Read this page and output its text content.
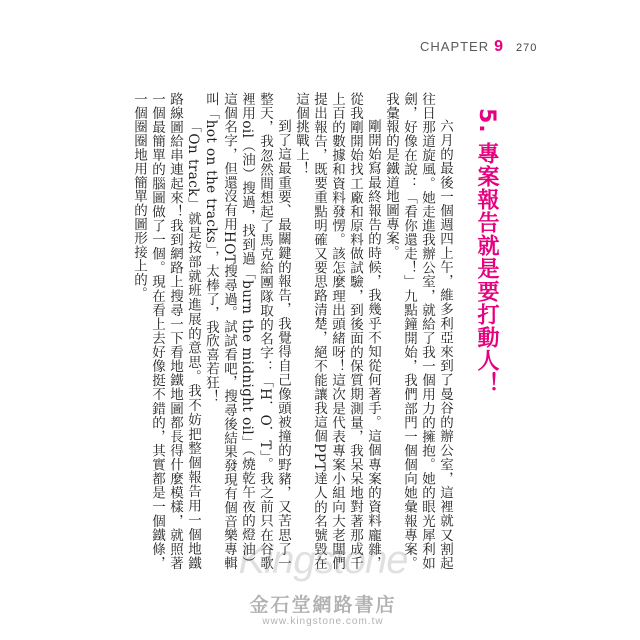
CHAPTER 9 270
5. 專案報告就是要打動人！

六月的最後一個週四上午，維多利亞來到了曼谷的辦公室，這裡就又割起往日那道旋風。她走進我辦公室，就給了我一個用力的擁抱。她的眼光犀利如劍，好像在說：「看你還走！」九點鐘開始，我們部門一個個向她彙報專案。我彙報的是鐵道地圖專案。

剛開始寫最終報告的時候，我幾乎不知從何著手。這個專案的資料龐雜，從我剛開始找工廠和原料做試驗，到後面的保質期測量，我呆呆地對著那成千上百的數據和資料發愣。該怎麼理出頭緒呀！這次是代表專案小組向大老闆們提出報告，既要重點明確又要思路清楚，絕不能讓我這個PPT達人的名號毀在這個挑戰上！

到了這最重要、最關鍵的報告，我覺得自己像頭被撞的野豬，又苦思了一整天，我忽然間想起了馬克給團隊取的名字：「H．O．T」。我之前只在谷歌裡用oil（油）搜過，找到過「burn the midnight oil」（燒乾午夜的燈油）這個名字，但還沒有用HOT搜尋過。試試看吧，搜尋後結果發現有個音樂專輯叫「hot on the tracks」，太棒了，我欣喜若狂！

「On track」就是按部就班進展的意思。我不妨把整個報告用一個地鐵路線圖給串連起來！我到網路上搜尋一下看地鐵地圖都長得什麼模樣，就照著一個最簡單的腦圖做了一個。現在看上去好像挺不錯的，其實都是一個鐵條，一個圈圈地用簡單的圖形接上的。

Kingstone
金石堂網路書店
www.kingstone.com.tw
